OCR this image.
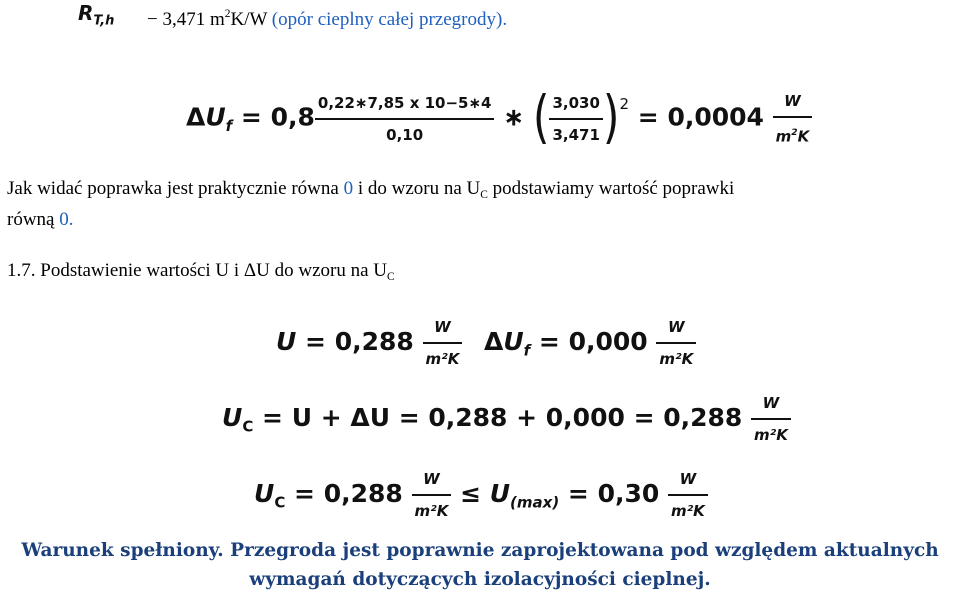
$R_{T,h} - 3,471$ $m^2K/W$ (opór cieplny całej przegrody).
$\Delta U_f = 0,8 \frac{0,22∗7,85 x 10-5∗4}{0,10}$ ∗ ( $\frac{3,030}{3,471} )^2 = 0,0004 \frac{W}{m^2K}$
Jak widać poprawka jest praktycznie równa 0 i do wzoru na $U_C$ podstawiamy wartość poprawki
równą 0.
1.7. Podstawienie wartości U i ΔU do wzoru na $U_C$
$U = 0,288 \frac{W}{\text{m²K}} \Delta U_f = 0,000 \frac{W}{\text{m²K}}$
$U_C = U + \Delta U = 0,288 + 0,000 = 0,288 \frac{W}{\text{m²K}}$
$U_C = 0,288 \frac{W}{\text{m²K}} \le U_{(max)} = 0,30 \frac{W}{\text{m²K}}$
Warunek spełniony. Przegroda jest poprawnie zaprojektowana pod względem aktualnych
wymagań dotyczących izolacyjności cieplnej.
